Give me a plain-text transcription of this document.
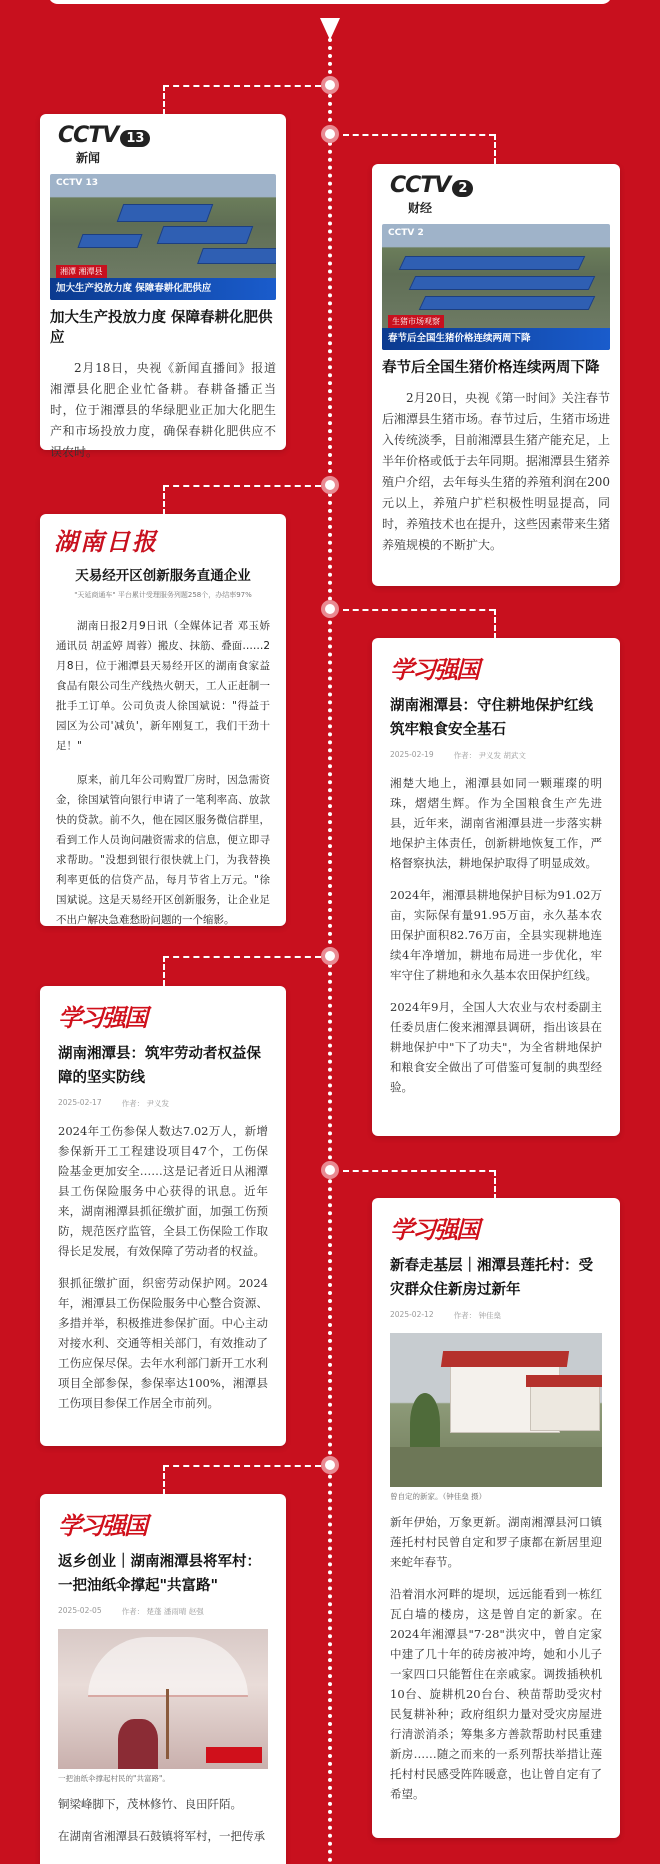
CCTV 13
新闻
CCTV 13
湘潭 湘潭县
加大生产投放力度 保障春耕化肥供应
加大生产投放力度 保障春耕化肥供应

2月18日，央视《新闻直播间》报道湘潭县化肥企业忙备耕。春耕备播正当时，位于湘潭县的华绿肥业正加大化肥生产和市场投放力度，确保春耕化肥供应不误农时。

CCTV 2
财经
CCTV 2
生猪市场观察
春节后全国生猪价格连续两周下降
春节后全国生猪价格连续两周下降

2月20日，央视《第一时间》关注春节后湘潭县生猪市场。春节过后，生猪市场进入传统淡季，目前湘潭县生猪产能充足，上半年价格或低于去年同期。据湘潭县生猪养殖户介绍，去年每头生猪的养殖利润在200元以上，养殖户扩栏积极性明显提高，同时，养殖技术也在提升，这些因素带来生猪养殖规模的不断扩大。

湖南日报
天易经开区创新服务直通企业
"天延商通车" 平台累计受理服务列题258个，办结率97%

湖南日报2月9日讯（全媒体记者 邓玉娇 通讯员 胡孟婷 周蓉）搬皮、抹筋、叠面……2月8日，位于湘潭县天易经开区的湖南食家益食品有限公司生产线热火朝天，工人正赶制一批手工订单。公司负责人徐国斌说："得益于园区为公司'减负'，新年刚复工，我们干劲十足！"

原来，前几年公司购置厂房时，因急需资金，徐国斌管向银行申请了一笔利率高、放款快的贷款。前不久，他在园区服务微信群里，看到工作人员询问融资需求的信息，便立即寻求帮助。"没想到银行很快就上门，为我替换利率更低的信贷产品，每月节省上万元。"徐国斌说。这是天易经开区创新服务，让企业足不出户解决急难愁盼问题的一个缩影。

学习强国
湖南湘潭县：守住耕地保护红线 筑牢粮食安全基石
2025-02-19	作者： 尹义发 胡武文

湘楚大地上，湘潭县如同一颗璀璨的明珠，熠熠生辉。作为全国粮食生产先进县，近年来，湖南省湘潭县进一步落实耕地保护主体责任，创新耕地恢复工作，严格督察执法，耕地保护取得了明显成效。

2024年，湘潭县耕地保护目标为91.02万亩，实际保有量91.95万亩，永久基本农田保护面积82.76万亩，全县实现耕地连续4年净增加，耕地布局进一步优化，牢牢守住了耕地和永久基本农田保护红线。

2024年9月，全国人大农业与农村委副主任委员唐仁俊来湘潭县调研，指出该县在耕地保护中"下了功夫"，为全省耕地保护和粮食安全做出了可借鉴可复制的典型经验。

学习强国
湖南湘潭县：筑牢劳动者权益保障的坚实防线
2025-02-17	作者： 尹义发

2024年工伤参保人数达7.02万人，新增参保新开工工程建设项目47个，工伤保险基金更加安全……这是记者近日从湘潭县工伤保险服务中心获得的讯息。近年来，湖南湘潭县抓征缴扩面，加强工伤预防，规范医疗监管，全县工伤保险工作取得长足发展，有效保障了劳动者的权益。

狠抓征缴扩面，织密劳动保护网。2024年，湘潭县工伤保险服务中心整合资源、多措并举，积极推进参保扩面。中心主动对接水利、交通等相关部门，有效推动了工伤应保尽保。去年水利部门新开工水利项目全部参保，参保率达100%，湘潭县工伤项目参保工作居全市前列。

学习强国
新春走基层｜湘潭县莲托村：受灾群众住新房过新年
2025-02-12	作者： 钟佳燊
曾自定的新家。（钟佳燊 摄）

新年伊始，万象更新。湖南湘潭县河口镇莲托村村民曾自定和罗子康都在新居里迎来蛇年春节。

沿着涓水河畔的堤坝，远远能看到一栋红瓦白墙的楼房，这是曾自定的新家。在2024年湘潭县"7·28"洪灾中，曾自定家中建了几十年的砖房被冲垮，她和小儿子一家四口只能暂住在亲戚家。调拨插秧机10台、旋耕机20台台、秧苗帮助受灾村民复耕补种；政府组织力量对受灾房屋进行清淤消杀；筹集多方善款帮助村民重建新房……随之而来的一系列帮扶举措让莲托村村民感受阵阵暖意，也让曾自定有了希望。

学习强国
返乡创业｜湖南湘潭县将军村：一把油纸伞撑起"共富路"
2025-02-05	作者： 楚蓬 潘雨晴 赵强
一把油纸伞撑起村民的"共富路"。

铜梁峰脚下，茂林修竹、良田阡陌。

在湖南省湘潭县石鼓镇将军村，一把传承
